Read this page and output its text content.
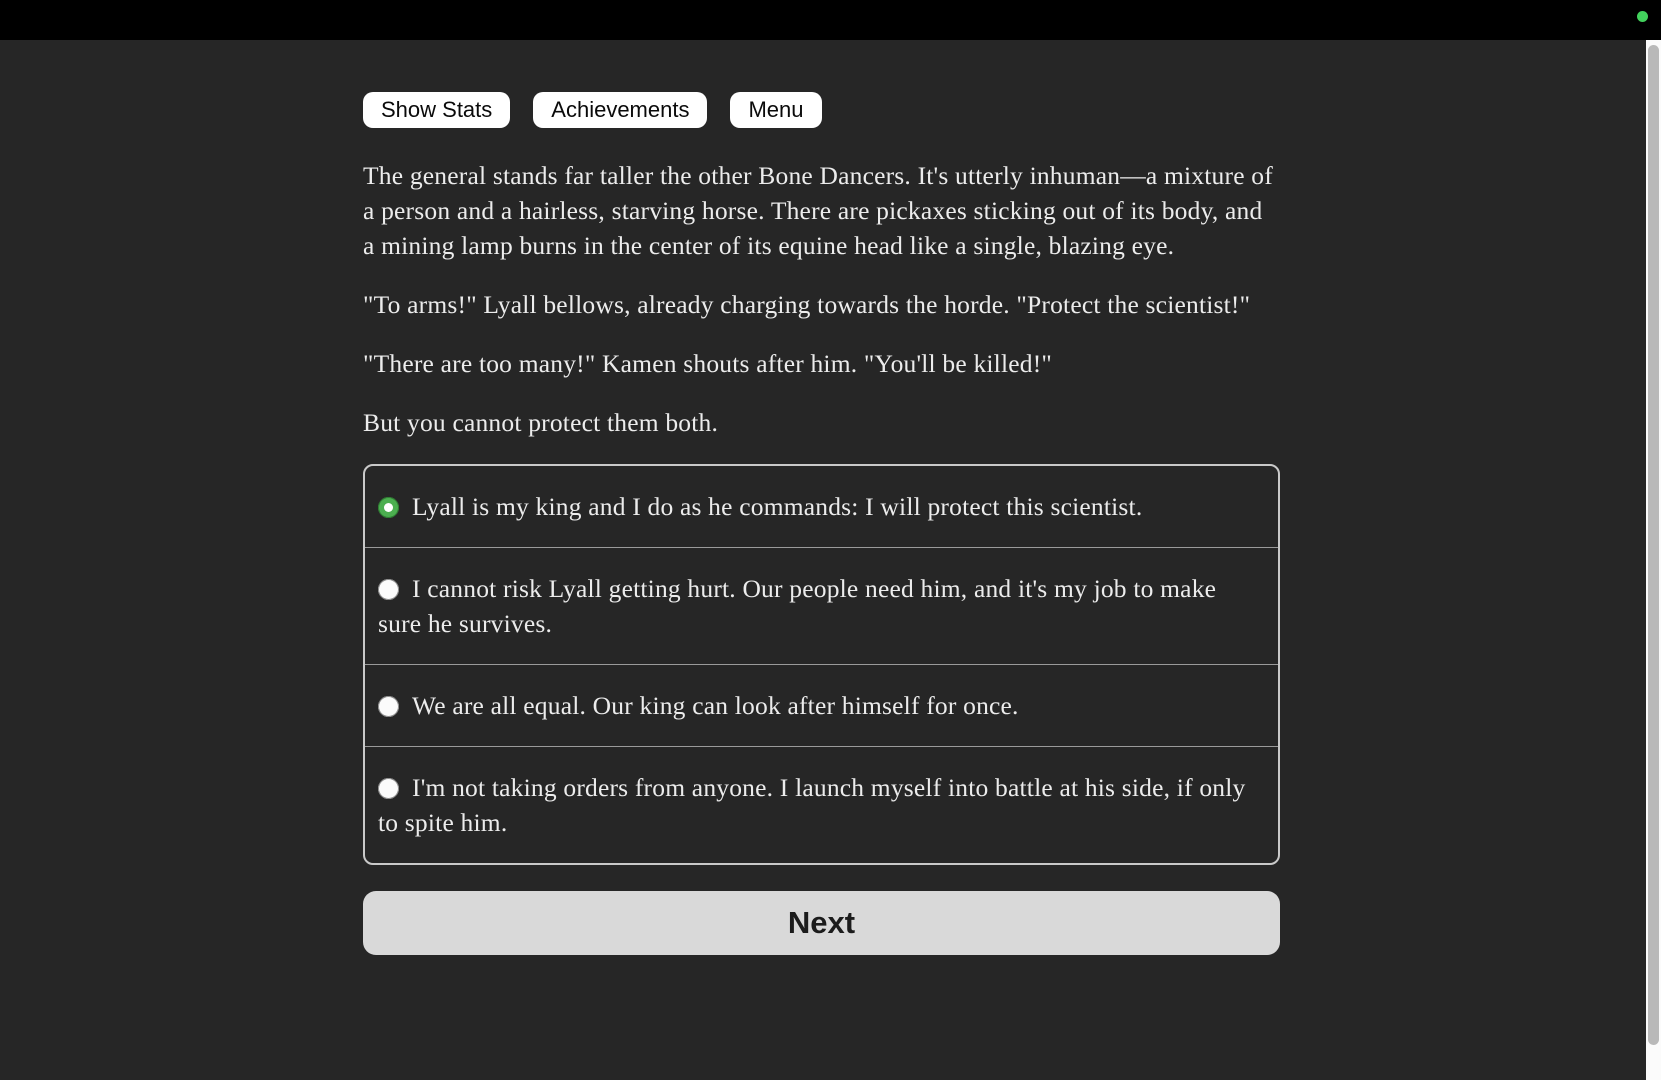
Show Stats	Achievements	Menu

The general stands far taller the other Bone Dancers. It's utterly inhuman—a mixture of a person and a hairless, starving horse. There are pickaxes sticking out of its body, and a mining lamp burns in the center of its equine head like a single, blazing eye.

"To arms!" Lyall bellows, already charging towards the horde. "Protect the scientist!"

"There are too many!" Kamen shouts after him. "You'll be killed!"

But you cannot protect them both.

Lyall is my king and I do as he commands: I will protect this scientist.
I cannot risk Lyall getting hurt. Our people need him, and it's my job to make sure he survives.
We are all equal. Our king can look after himself for once.
I'm not taking orders from anyone. I launch myself into battle at his side, if only to spite him.
Next
